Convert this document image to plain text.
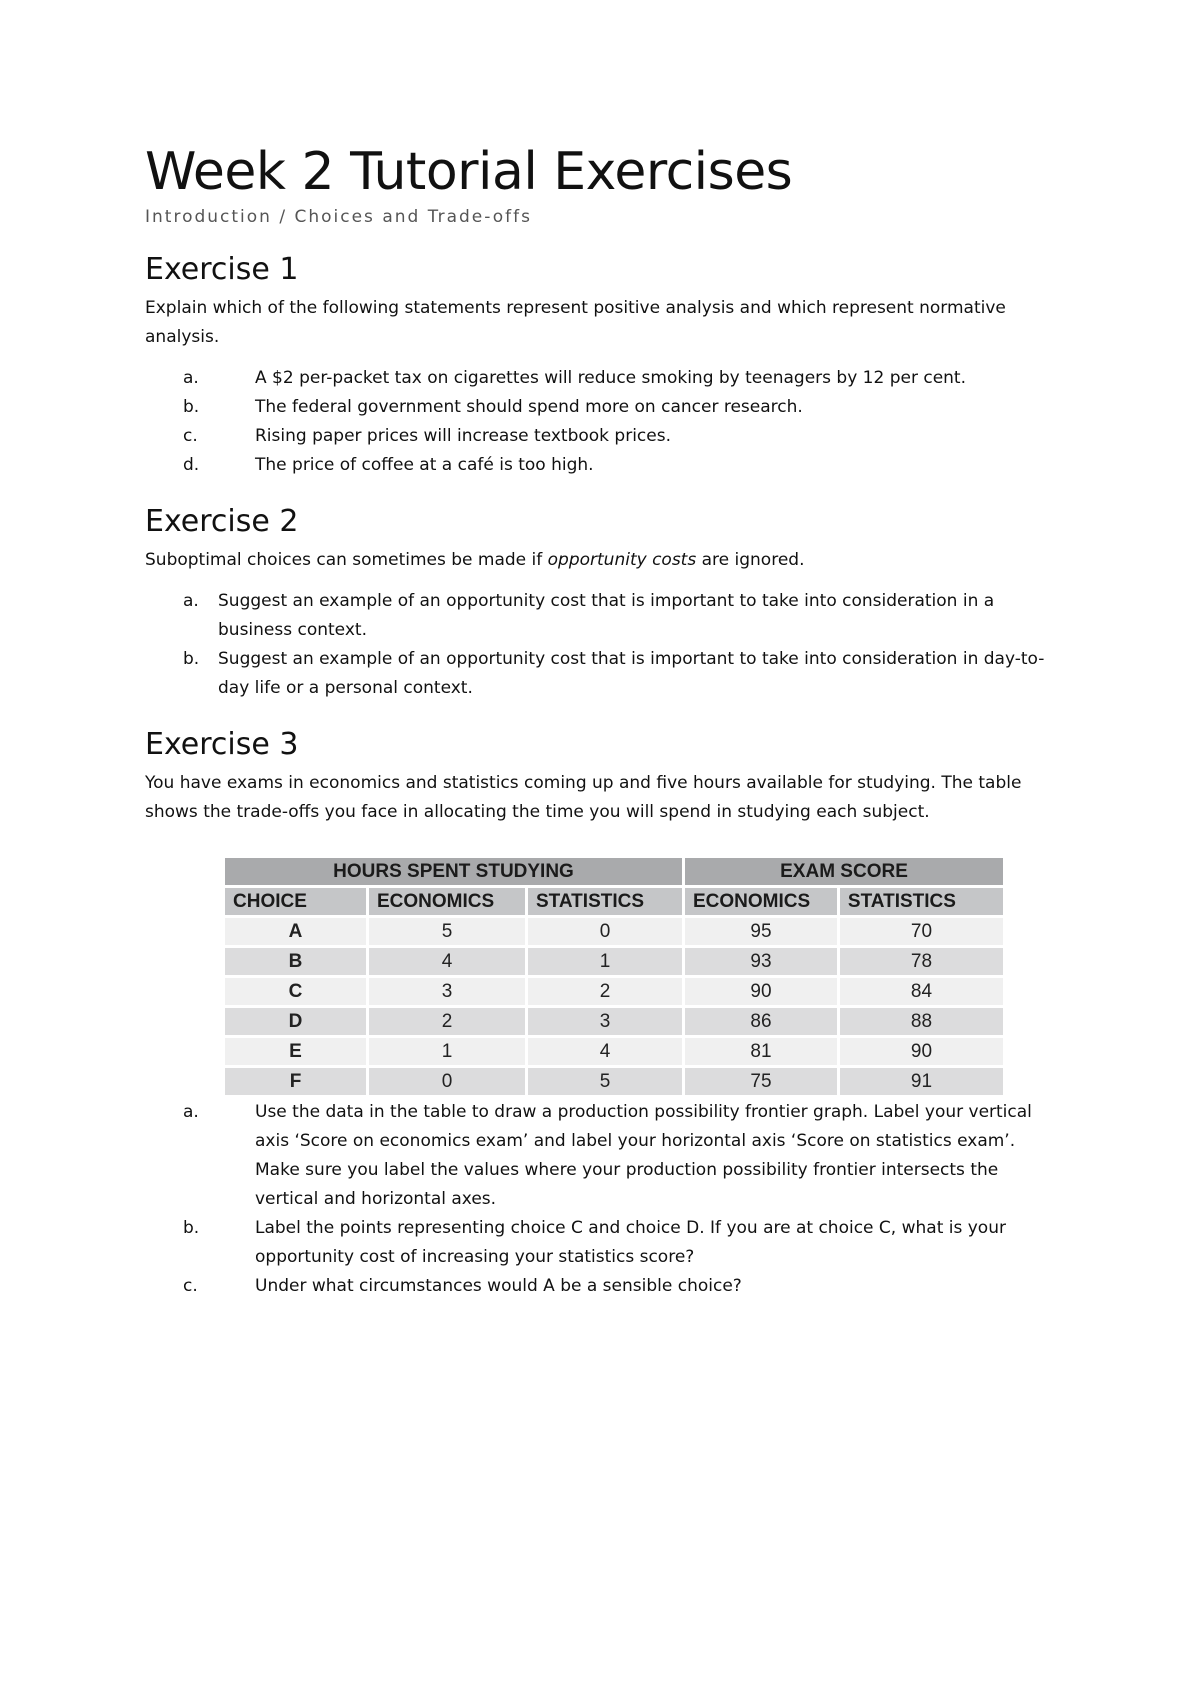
Week 2 Tutorial Exercises
Introduction / Choices and Trade-offs
Exercise 1

Explain which of the following statements represent positive analysis and which represent normative analysis.

a.	A $2 per-packet tax on cigarettes will reduce smoking by teenagers by 12 per cent.
b.	The federal government should spend more on cancer research.
c.	Rising paper prices will increase textbook prices.
d.	The price of coffee at a café is too high.
Exercise 2

Suboptimal choices can sometimes be made if opportunity costs are ignored.

a. Suggest an example of an opportunity cost that is important to take into consideration in a business context.
b. Suggest an example of an opportunity cost that is important to take into consideration in day-to-day life or a personal context.
Exercise 3

You have exams in economics and statistics coming up and five hours available for studying. The table shows the trade-offs you face in allocating the time you will spend in studying each subject.

HOURS SPENT STUDYING			EXAM SCORE	
CHOICE	ECONOMICS	STATISTICS	ECONOMICS	STATISTICS
A	5	0	95	70
B	4	1	93	78
C	3	2	90	84
D	2	3	86	88
E	1	4	81	90
F	0	5	75	91
a.	Use the data in the table to draw a production possibility frontier graph. Label your vertical axis ‘Score on economics exam’ and label your horizontal axis ‘Score on statistics exam’. Make sure you label the values where your production possibility frontier intersects the vertical and horizontal axes.
b.	Label the points representing choice C and choice D. If you are at choice C, what is your opportunity cost of increasing your statistics score?
c.	Under what circumstances would A be a sensible choice?
